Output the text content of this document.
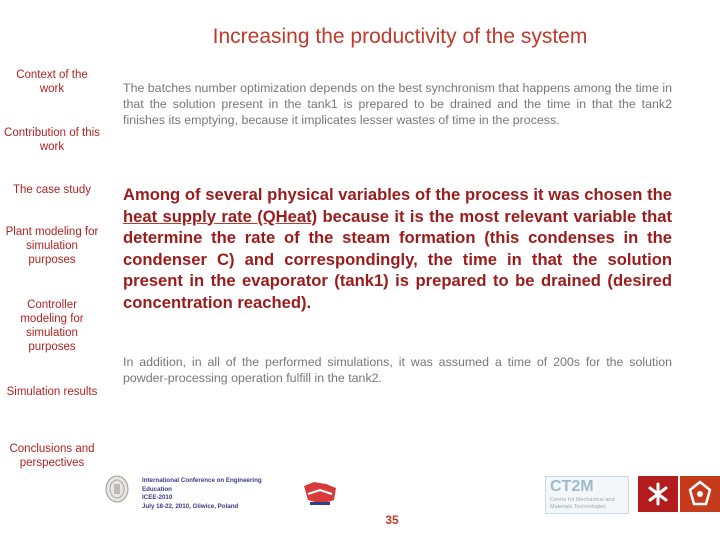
Increasing the productivity of the system
Context of the work
Contribution of this work
The case study
Plant modeling for simulation purposes
Controller modeling for simulation purposes
Simulation results
Conclusions and perspectives
The batches number optimization depends on the best synchronism that happens among the time in that the solution present in the tank1 is prepared to be drained and the time in that the tank2 finishes its emptying, because it implicates lesser wastes of time in the process.
Among of several physical variables of the process it was chosen the heat supply rate (QHeat) because it is the most relevant variable that determine the rate of the steam formation (this condenses in the condenser C) and correspondingly, the time in that the solution present in the evaporator (tank1) is prepared to be drained (desired concentration reached).
In addition, in all of the performed simulations, it was assumed a time of 200s for the solution powder-processing operation fulfill in the tank2.
International Conference on Engineering Education
ICEE-2010
July 18-22, 2010, Gliwice, Poland
35
CT2M
Centre for Mechanical and Materials Technologies
